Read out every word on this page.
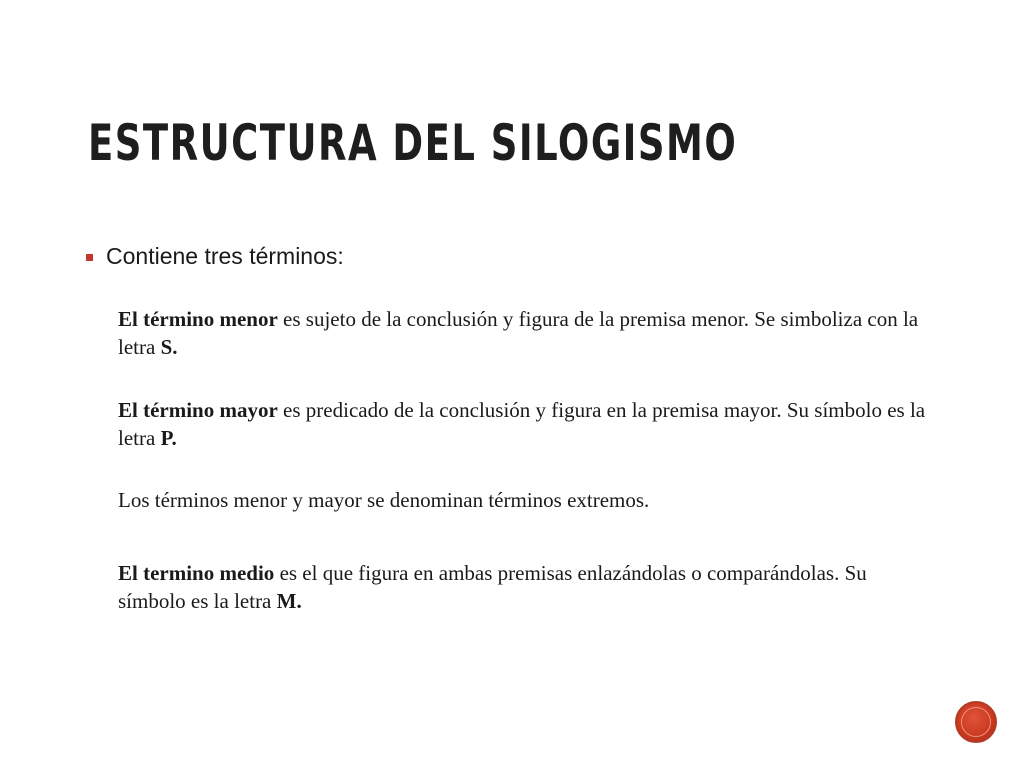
ESTRUCTURA DEL SILOGISMO
Contiene tres términos:

El término menor es sujeto de la conclusión y figura de la premisa menor. Se simboliza con la letra S.

El término mayor es predicado de la conclusión y figura en la premisa mayor. Su símbolo es la letra P.

Los términos menor y mayor se denominan términos extremos.

El termino medio es el que figura en ambas premisas enlazándolas o comparándolas. Su símbolo es la letra M.
